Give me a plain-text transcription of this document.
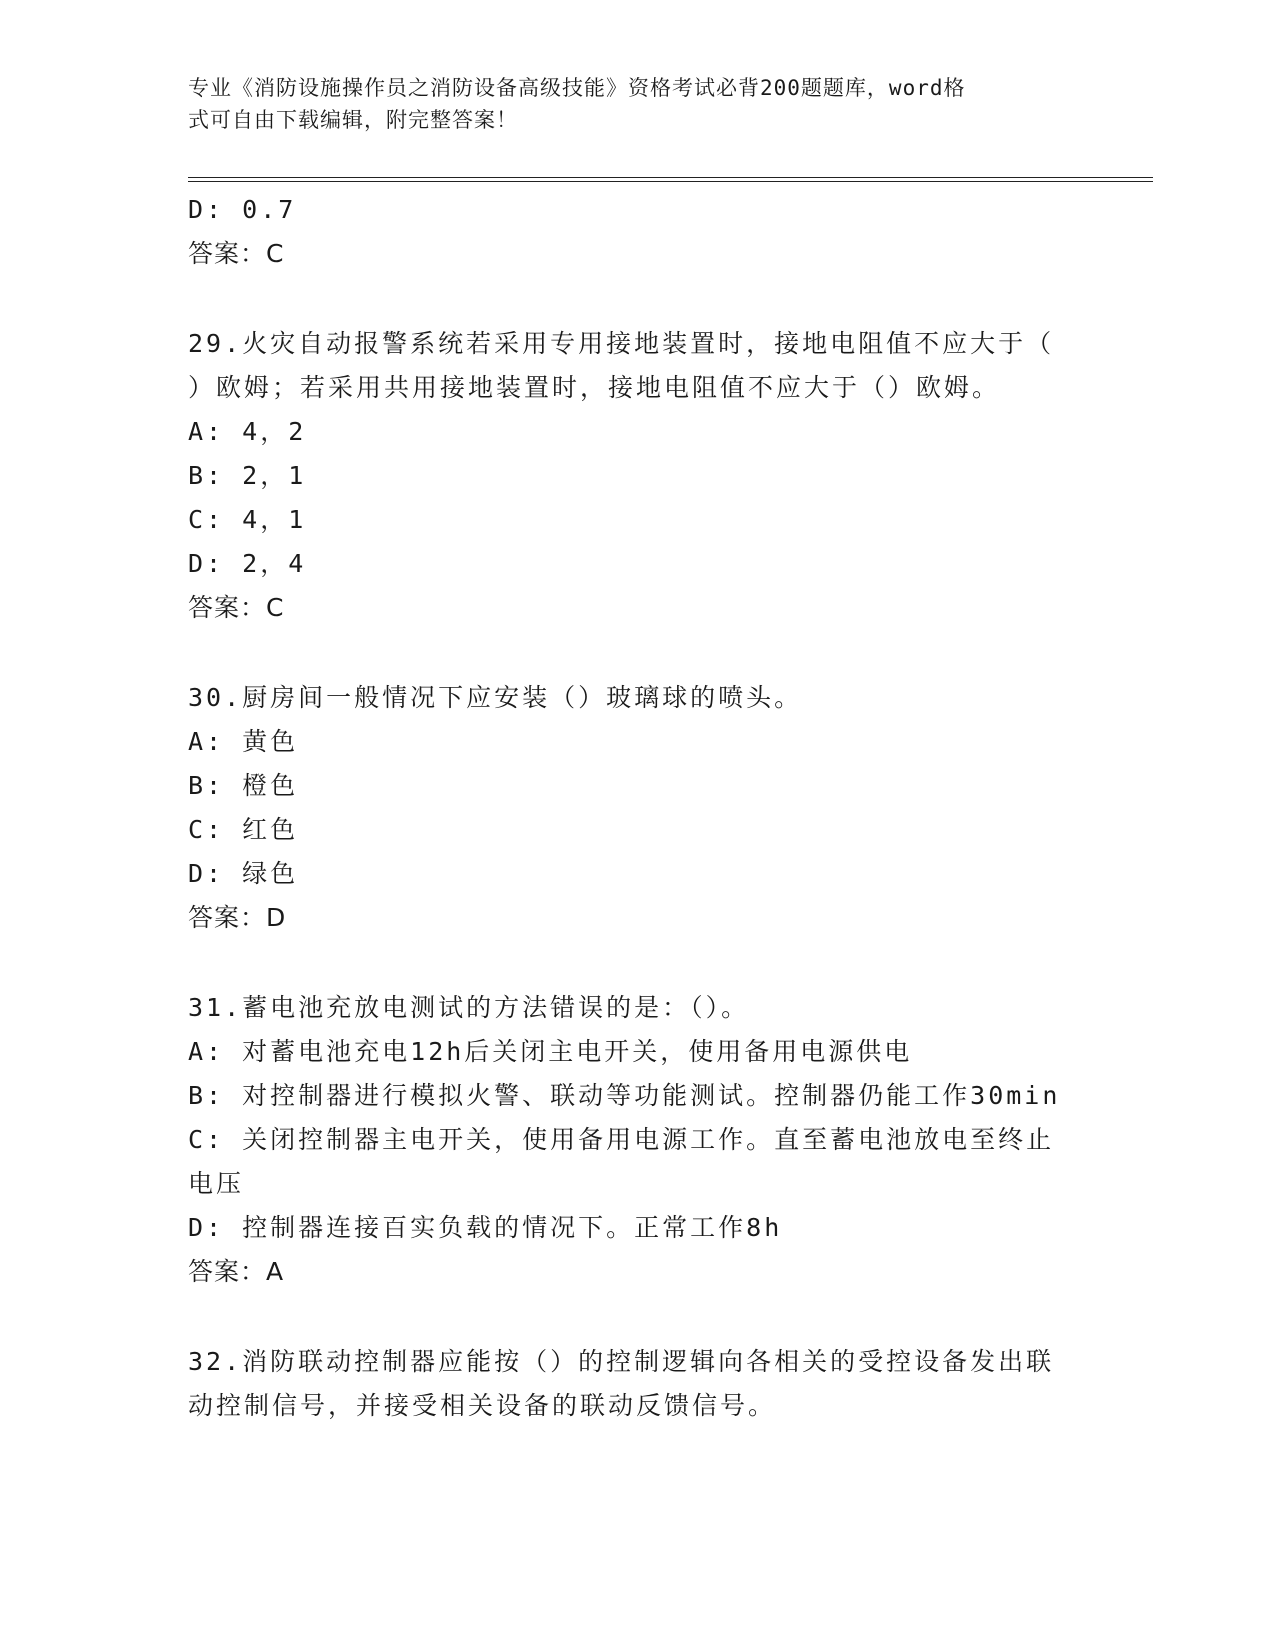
专业《消防设施操作员之消防设备高级技能》资格考试必背200题题库，word格
式可自由下载编辑，附完整答案！
D: 0.7
答案：C
29.火灾自动报警系统若采用专用接地装置时，接地电阻值不应大于（
）欧姆；若采用共用接地装置时，接地电阻值不应大于（）欧姆。
A: 4，2
B: 2，1
C: 4，1
D: 2，4
答案：C
30.厨房间一般情况下应安装（）玻璃球的喷头。
A: 黄色
B: 橙色
C: 红色
D: 绿色
答案：D
31.蓄电池充放电测试的方法错误的是：（）。
A: 对蓄电池充电12h后关闭主电开关，使用备用电源供电
B: 对控制器进行模拟火警、联动等功能测试。控制器仍能工作30min
C: 关闭控制器主电开关，使用备用电源工作。直至蓄电池放电至终止
电压
D: 控制器连接百实负载的情况下。正常工作8h
答案：A
32.消防联动控制器应能按（）的控制逻辑向各相关的受控设备发出联
动控制信号，并接受相关设备的联动反馈信号。
